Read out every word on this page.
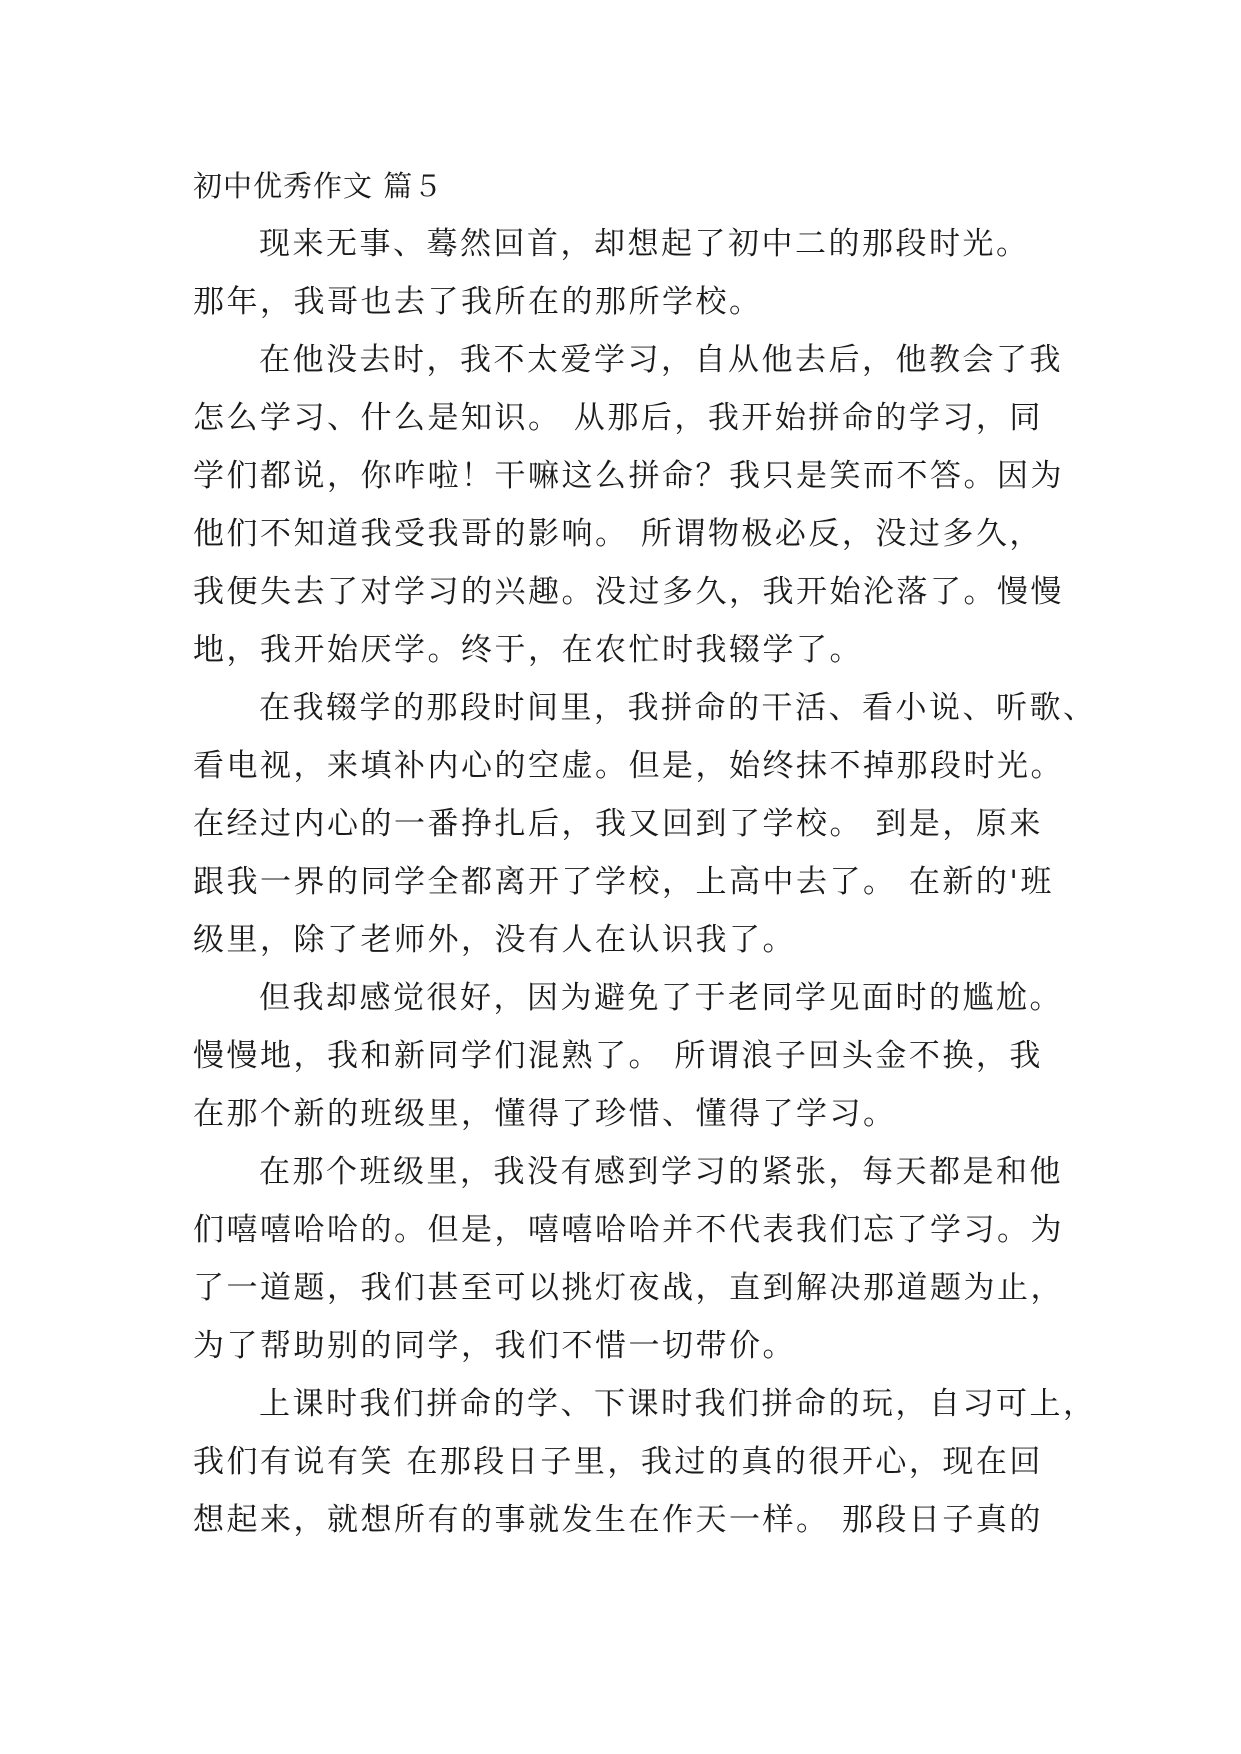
初中优秀作文 篇５

现来无事、蓦然回首，却想起了初中二的那段时光。
那年，我哥也去了我所在的那所学校。

在他没去时，我不太爱学习，自从他去后，他教会了我
怎么学习、什么是知识。 从那后，我开始拼命的学习，同
学们都说，你咋啦！干嘛这么拼命？我只是笑而不答。因为
他们不知道我受我哥的影响。 所谓物极必反，没过多久，
我便失去了对学习的兴趣。没过多久，我开始沦落了。慢慢
地，我开始厌学。终于，在农忙时我辍学了。

在我辍学的那段时间里，我拼命的干活、看小说、听歌、
看电视，来填补内心的空虚。但是，始终抹不掉那段时光。
在经过内心的一番挣扎后，我又回到了学校。 到是，原来
跟我一界的同学全都离开了学校，上高中去了。 在新的'班
级里，除了老师外，没有人在认识我了。

但我却感觉很好，因为避免了于老同学见面时的尴尬。
慢慢地，我和新同学们混熟了。 所谓浪子回头金不换，我
在那个新的班级里，懂得了珍惜、懂得了学习。

在那个班级里，我没有感到学习的紧张，每天都是和他
们嘻嘻哈哈的。但是，嘻嘻哈哈并不代表我们忘了学习。为
了一道题，我们甚至可以挑灯夜战，直到解决那道题为止，
为了帮助别的同学，我们不惜一切带价。

上课时我们拼命的学、下课时我们拼命的玩，自习可上，
我们有说有笑 在那段日子里，我过的真的很开心，现在回
想起来，就想所有的事就发生在作天一样。 那段日子真的
